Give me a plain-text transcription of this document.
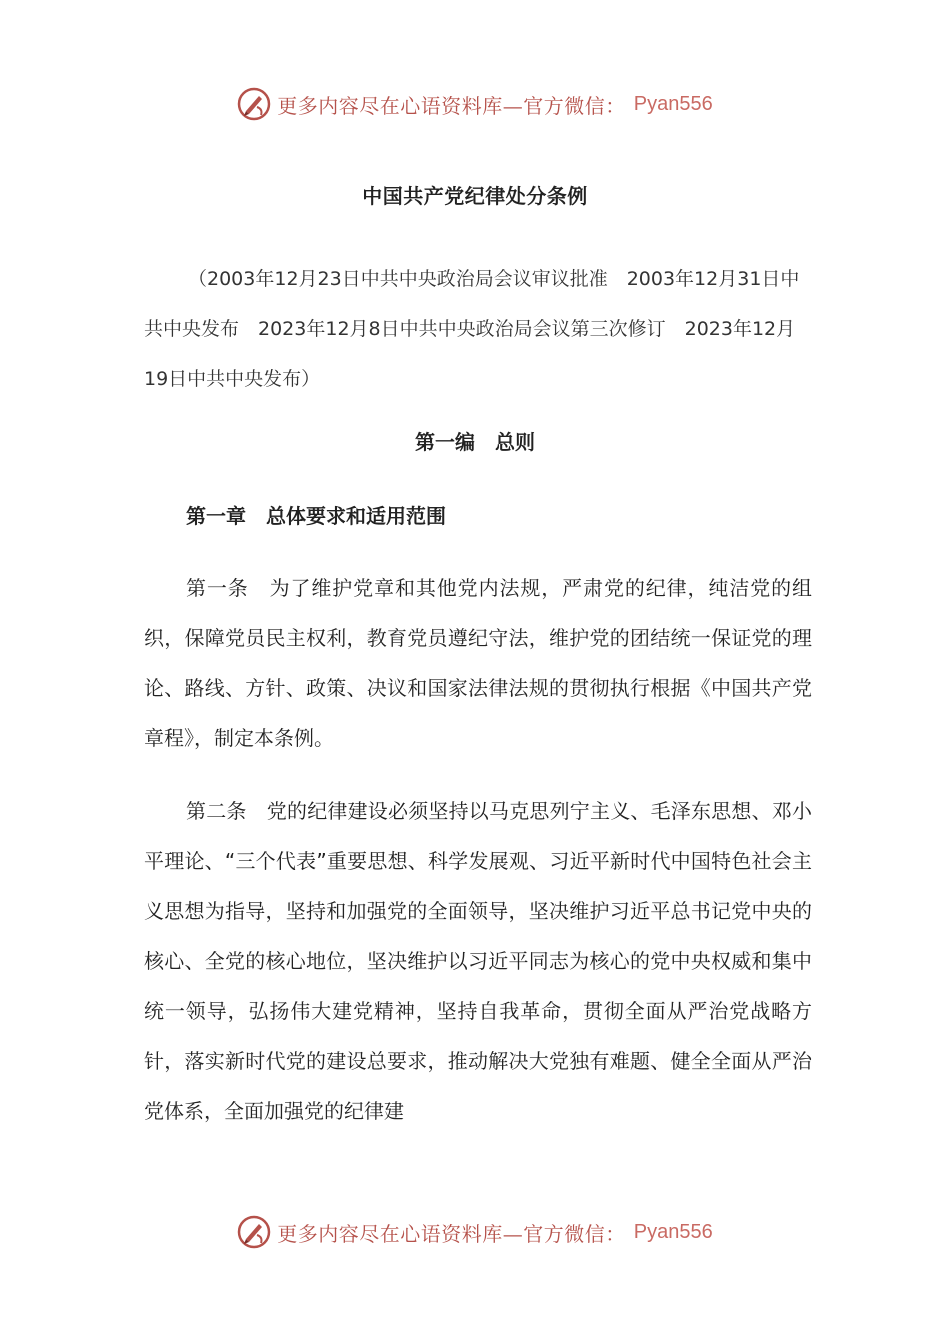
更多内容尽在心语资料库—官方微信： Pyan556
中国共产党纪律处分条例

（2003年12月23日中共中央政治局会议审议批准　2003年12月31日中共中央发布　2023年12月8日中共中央政治局会议第三次修订　2023年12月19日中共中央发布）

第一编　总则
第一章　总体要求和适用范围

第一条 为了维护党章和其他党内法规，严肃党的纪律，纯洁党的组织，保障党员民主权利，教育党员遵纪守法，维护党的团结统一保证党的理论、路线、方针、政策、决议和国家法律法规的贯彻执行根据《中国共产党章程》，制定本条例。

第二条 党的纪律建设必须坚持以马克思列宁主义、毛泽东思想、邓小平理论、“三个代表”重要思想、科学发展观、习近平新时代中国特色社会主义思想为指导，坚持和加强党的全面领导，坚决维护习近平总书记党中央的核心、全党的核心地位，坚决维护以习近平同志为核心的党中央权威和集中统一领导，弘扬伟大建党精神，坚持自我革命，贯彻全面从严治党战略方针，落实新时代党的建设总要求，推动解决大党独有难题、健全全面从严治党体系，全面加强党的纪律建

更多内容尽在心语资料库—官方微信： Pyan556
